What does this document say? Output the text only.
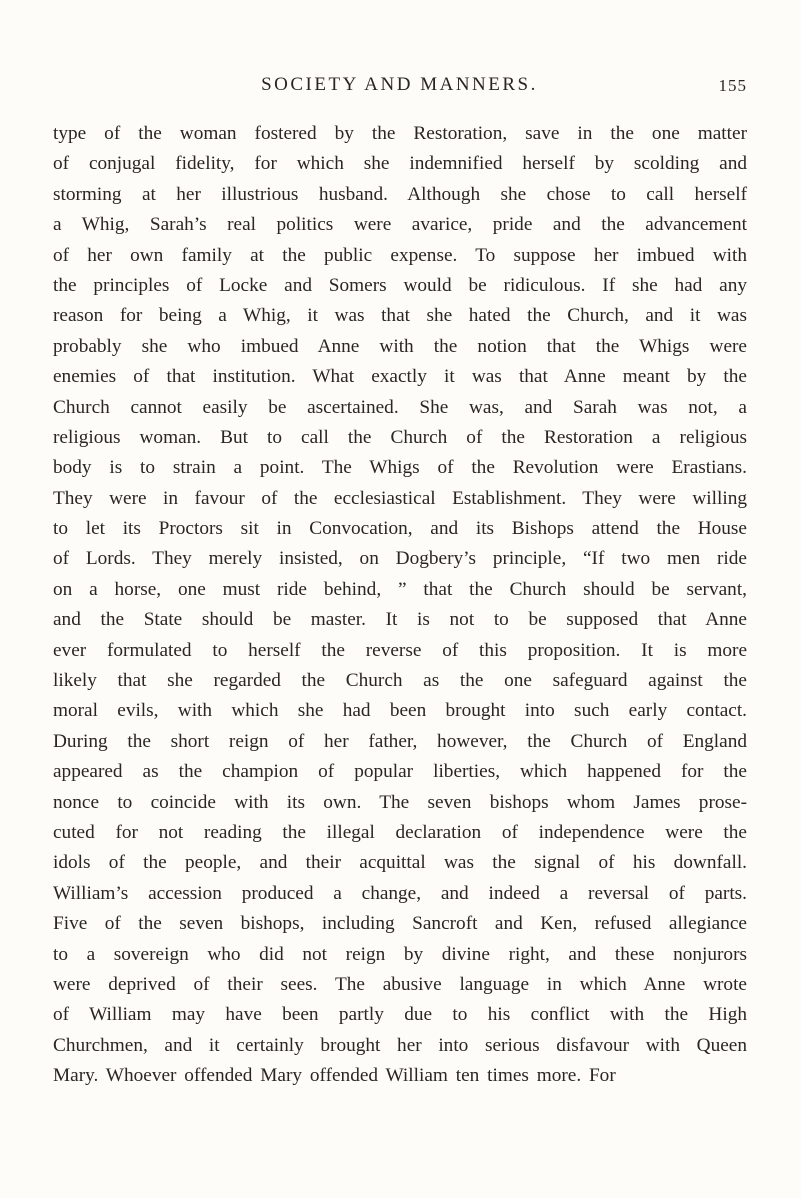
SOCIETY AND MANNERS.	155
type of the woman fostered by the Restoration, save in the one matter
of conjugal fidelity, for which she indemnified herself by scolding and
storming at her illustrious husband. Although she chose to call herself
a Whig, Sarah’s real politics were avarice, pride and the advancement
of her own family at the public expense. To suppose her imbued with
the principles of Locke and Somers would be ridiculous. If she had any
reason for being a Whig, it was that she hated the Church, and it was
probably she who imbued Anne with the notion that the Whigs were
enemies of that institution. What exactly it was that Anne meant by the
Church cannot easily be ascertained. She was, and Sarah was not, a
religious woman. But to call the Church of the Restoration a religious
body is to strain a point. The Whigs of the Revolution were Erastians.
They were in favour of the ecclesiastical Establishment. They were willing
to let its Proctors sit in Convocation, and its Bishops attend the House
of Lords. They merely insisted, on Dogbery’s principle, “If two men ride
on a horse, one must ride behind, ” that the Church should be servant,
and the State should be master. It is not to be supposed that Anne
ever formulated to herself the reverse of this proposition. It is more
likely that she regarded the Church as the one safeguard against the
moral evils, with which she had been brought into such early contact.
During the short reign of her father, however, the Church of England
appeared as the champion of popular liberties, which happened for the
nonce to coincide with its own. The seven bishops whom James prose-
cuted for not reading the illegal declaration of independence were the
idols of the people, and their acquittal was the signal of his downfall.
William’s accession produced a change, and indeed a reversal of parts.
Five of the seven bishops, including Sancroft and Ken, refused allegiance
to a sovereign who did not reign by divine right, and these nonjurors
were deprived of their sees. The abusive language in which Anne wrote
of William may have been partly due to his conflict with the High
Churchmen, and it certainly brought her into serious disfavour with Queen
Mary. Whoever offended Mary offended William ten times more. For
